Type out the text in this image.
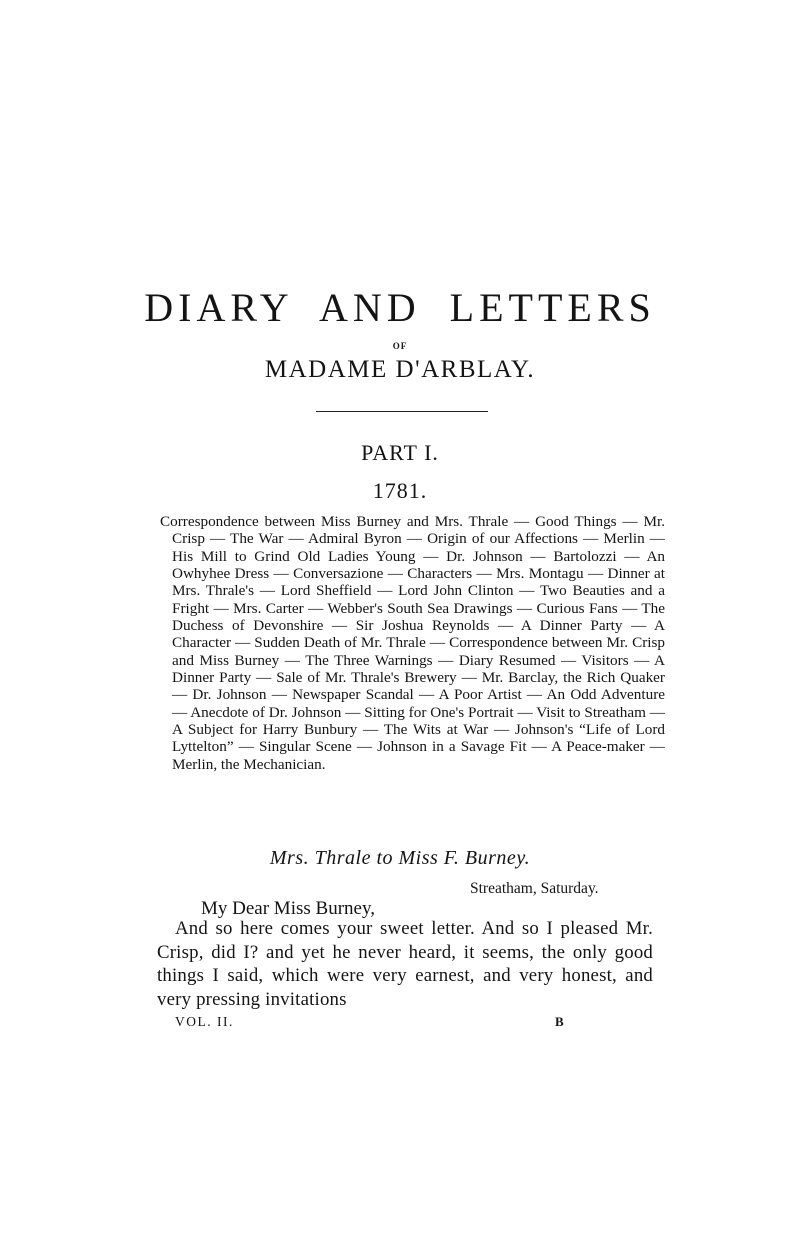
DIARY AND LETTERS
OF
MADAME D'ARBLAY.
PART I.
1781.

Correspondence between Miss Burney and Mrs. Thrale — Good Things — Mr. Crisp — The War — Admiral Byron — Origin of our Affections — Merlin — His Mill to Grind Old Ladies Young — Dr. Johnson — Bartolozzi — An Owhyhee Dress — Conversazione — Characters — Mrs. Montagu — Dinner at Mrs. Thrale's — Lord Sheffield — Lord John Clinton — Two Beauties and a Fright — Mrs. Carter — Webber's South Sea Drawings — Curious Fans — The Duchess of Devonshire — Sir Joshua Reynolds — A Dinner Party — A Character — Sudden Death of Mr. Thrale — Correspondence between Mr. Crisp and Miss Burney — The Three Warnings — Diary Resumed — Visitors — A Dinner Party — Sale of Mr. Thrale's Brewery — Mr. Barclay, the Rich Quaker — Dr. Johnson — Newspaper Scandal — A Poor Artist — An Odd Adventure — Anecdote of Dr. Johnson — Sitting for One's Portrait — Visit to Streatham — A Subject for Harry Bunbury — The Wits at War — Johnson's “Life of Lord Lyttelton” — Singular Scene — Johnson in a Savage Fit — A Peace-maker — Merlin, the Mechanician.

Mrs. Thrale to Miss F. Burney.
Streatham, Saturday.
My Dear Miss Burney,

And so here comes your sweet letter. And so I pleased Mr. Crisp, did I? and yet he never heard, it seems, the only good things I said, which were very earnest, and very honest, and very pressing invitations

VOL. II.	B
